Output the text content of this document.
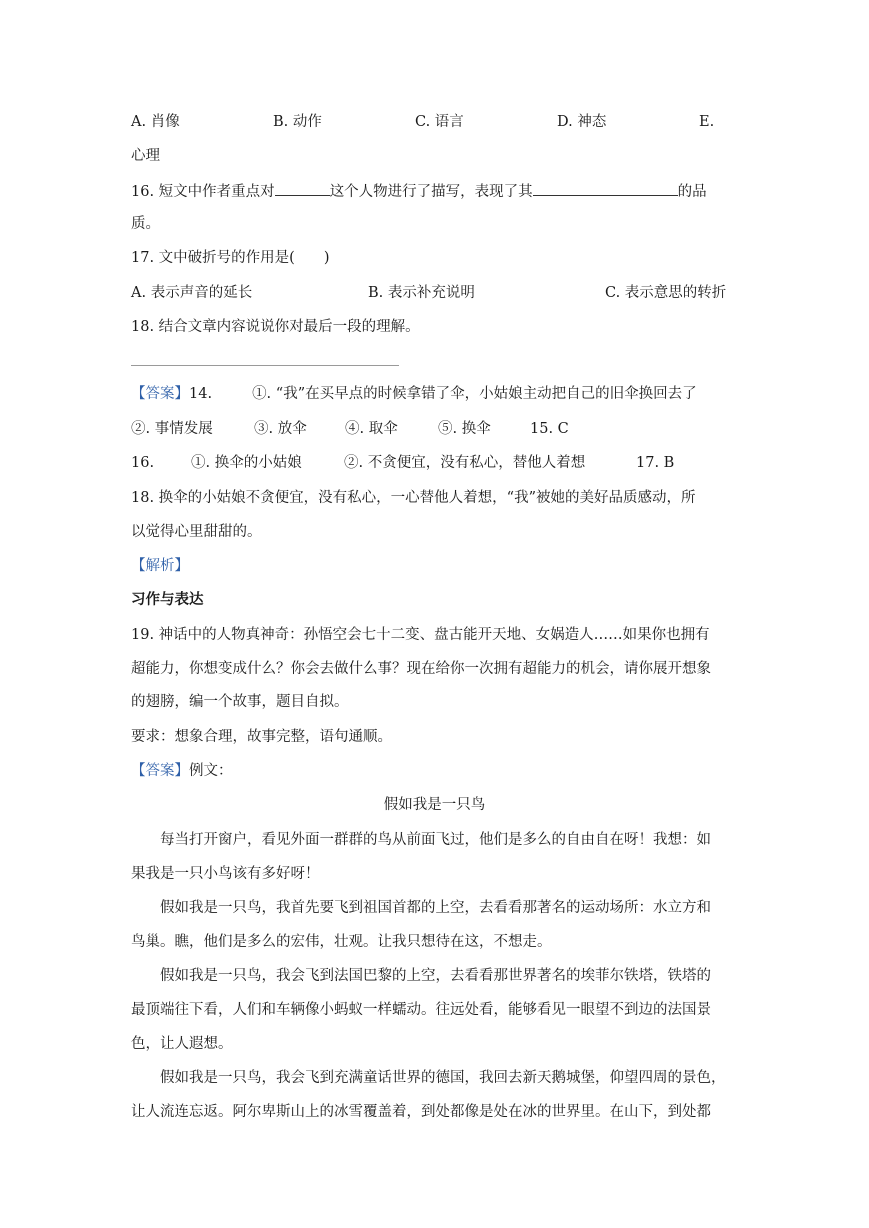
A. 肖像	B. 动作	C. 语言	D. 神态	E.
心理
16. 短文中作者重点对	这个人物进行了描写，表现了其	的品
质。
17. 文中破折号的作用是(　　)
A. 表示声音的延长	B. 表示补充说明	C. 表示意思的转折
18. 结合文章内容说说你对最后一段的理解。
【答案】14.	①. “我”在买早点的时候拿错了伞，小姑娘主动把自己的旧伞换回去了
②. 事情发展	③. 放伞	④. 取伞	⑤. 换伞	15. C
16.	①. 换伞的小姑娘	②. 不贪便宜，没有私心，替他人着想	17. B
18. 换伞的小姑娘不贪便宜，没有私心，一心替他人着想，“我”被她的美好品质感动，所
以觉得心里甜甜的。
【解析】
习作与表达
19. 神话中的人物真神奇：孙悟空会七十二变、盘古能开天地、女娲造人……如果你也拥有
超能力，你想变成什么？你会去做什么事？现在给你一次拥有超能力的机会，请你展开想象
的翅膀，编一个故事，题目自拟。
要求：想象合理，故事完整，语句通顺。
【答案】例文：
假如我是一只鸟
每当打开窗户，看见外面一群群的鸟从前面飞过，他们是多么的自由自在呀！我想：如
果我是一只小鸟该有多好呀！
假如我是一只鸟，我首先要飞到祖国首都的上空，去看看那著名的运动场所：水立方和
鸟巢。瞧，他们是多么的宏伟，壮观。让我只想待在这，不想走。
假如我是一只鸟，我会飞到法国巴黎的上空，去看看那世界著名的埃菲尔铁塔，铁塔的
最顶端往下看，人们和车辆像小蚂蚁一样蠕动。往远处看，能够看见一眼望不到边的法国景
色，让人遐想。
假如我是一只鸟，我会飞到充满童话世界的德国，我回去新天鹅城堡，仰望四周的景色，
让人流连忘返。阿尔卑斯山上的冰雪覆盖着，到处都像是处在冰的世界里。在山下，到处都
